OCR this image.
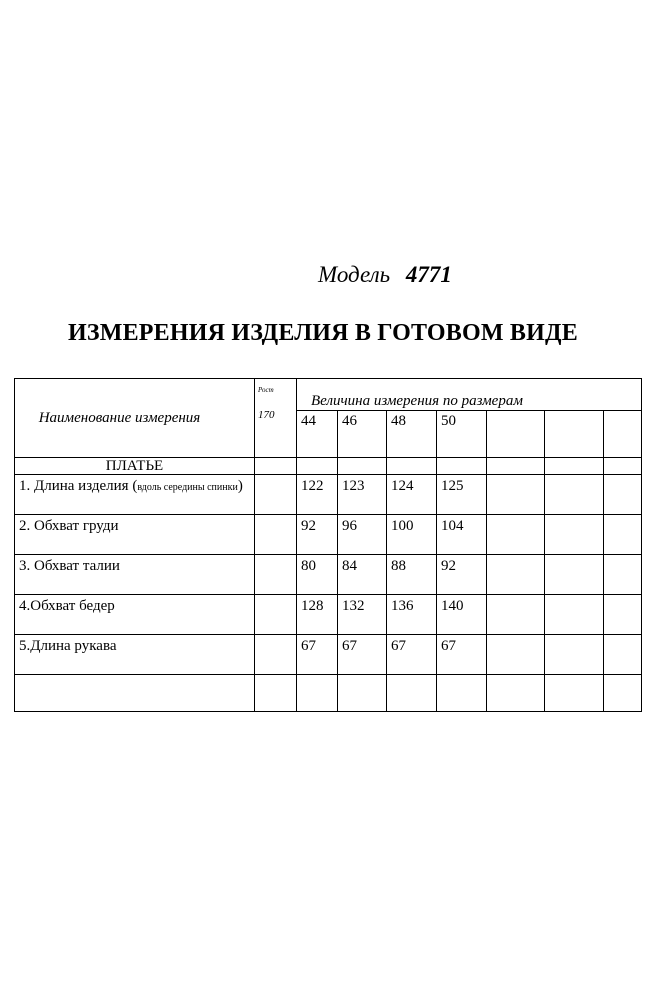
Модель 4771
ИЗМЕРЕНИЯ ИЗДЕЛИЯ В ГОТОВОМ ВИДЕ
Наименование измерения	Рост
170	Величина измерения по размерам						
		44	46	48	50			
ПЛАТЬЕ								
1. Длина изделия (вдоль середины спинки)		122	123	124	125			
2. Обхват груди		92	96	100	104			
3. Обхват талии		80	84	88	92			
4.Обхват бедер		128	132	136	140			
5.Длина рукава		67	67	67	67			
